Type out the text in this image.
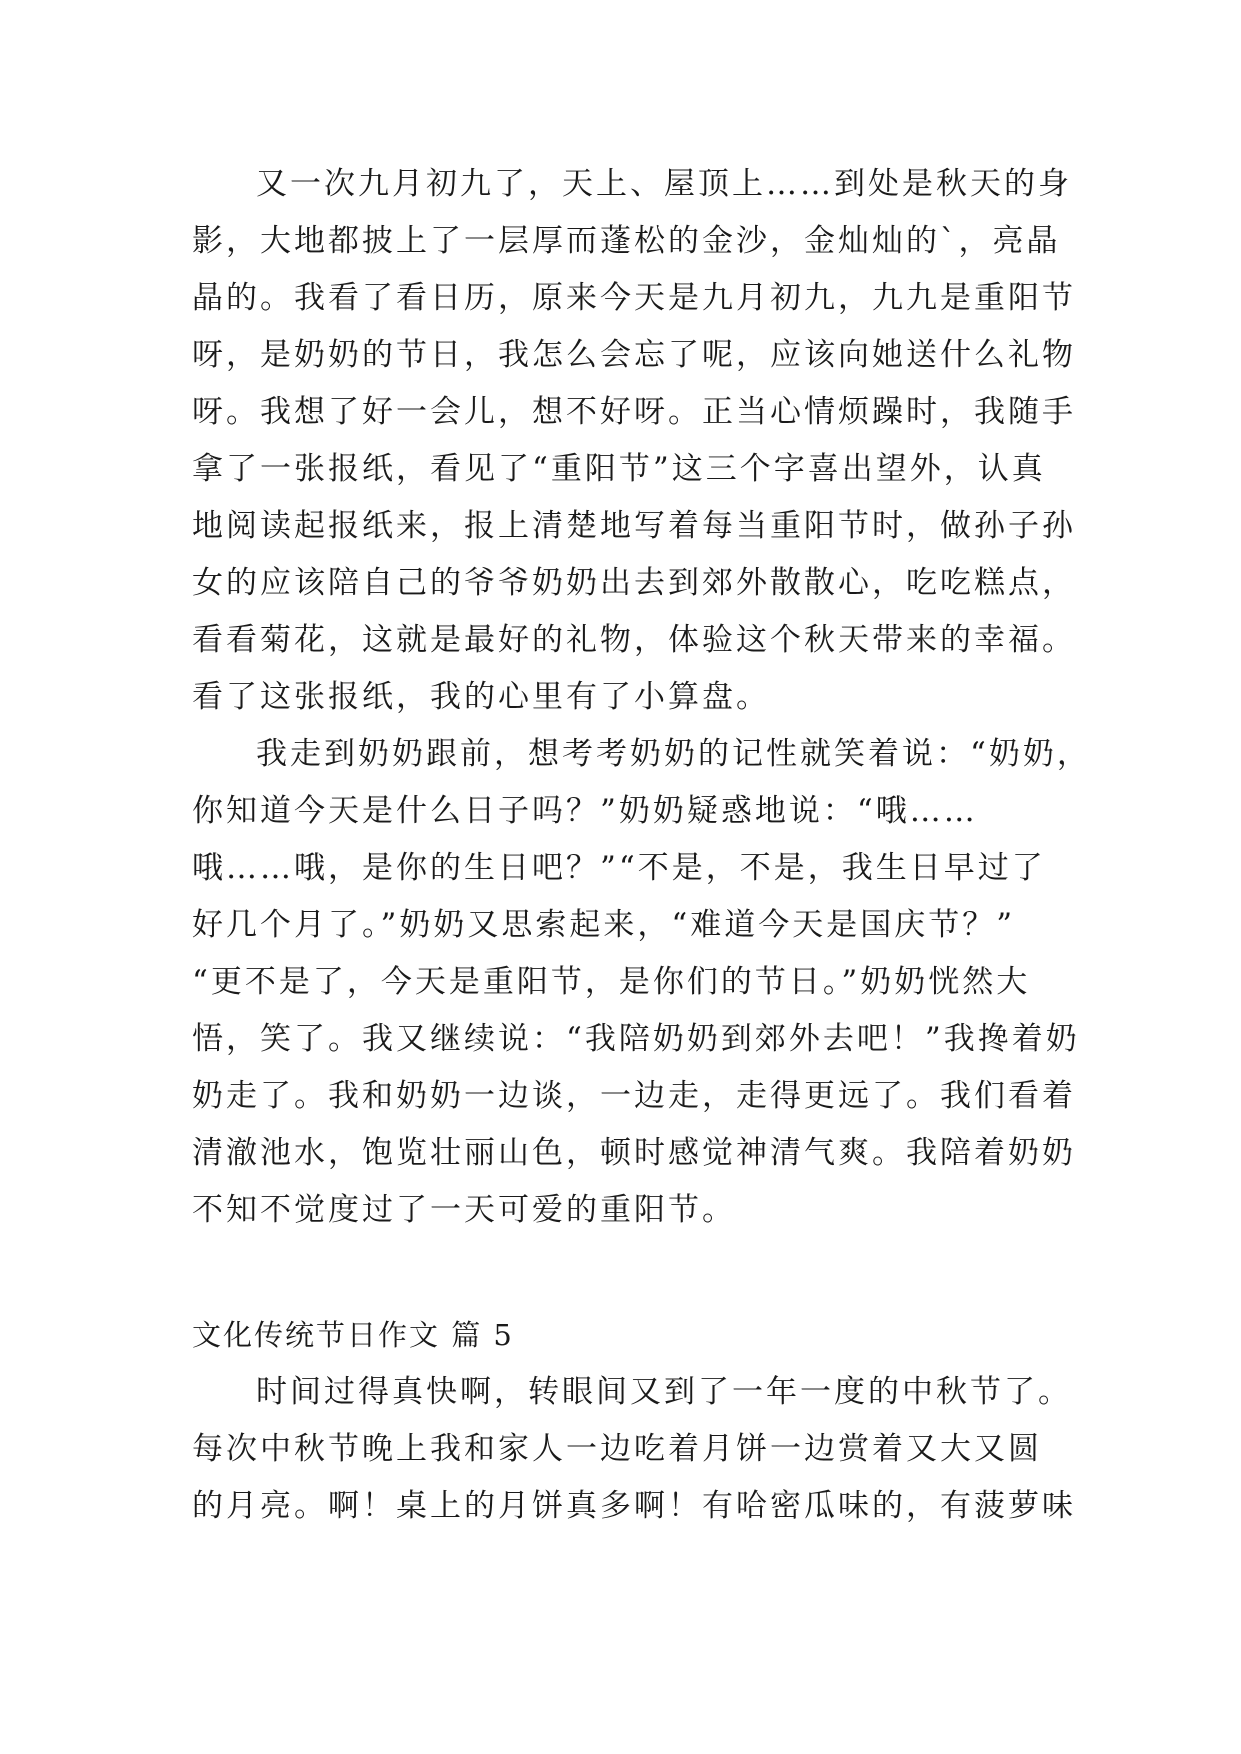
又一次九月初九了，天上、屋顶上……到处是秋天的身
影，大地都披上了一层厚而蓬松的金沙，金灿灿的`，亮晶
晶的。我看了看日历，原来今天是九月初九，九九是重阳节
呀，是奶奶的节日，我怎么会忘了呢，应该向她送什么礼物
呀。我想了好一会儿，想不好呀。正当心情烦躁时，我随手
拿了一张报纸，看见了“重阳节”这三个字喜出望外，认真
地阅读起报纸来，报上清楚地写着每当重阳节时，做孙子孙
女的应该陪自己的爷爷奶奶出去到郊外散散心，吃吃糕点，
看看菊花，这就是最好的礼物，体验这个秋天带来的幸福。
看了这张报纸，我的心里有了小算盘。
我走到奶奶跟前，想考考奶奶的记性就笑着说：“奶奶，
你知道今天是什么日子吗？”奶奶疑惑地说：“哦……
哦……哦，是你的生日吧？”“不是，不是，我生日早过了
好几个月了。”奶奶又思索起来，“难道今天是国庆节？”
“更不是了，今天是重阳节，是你们的节日。”奶奶恍然大
悟，笑了。我又继续说：“我陪奶奶到郊外去吧！”我搀着奶
奶走了。我和奶奶一边谈，一边走，走得更远了。我们看着
清澈池水，饱览壮丽山色，顿时感觉神清气爽。我陪着奶奶
不知不觉度过了一天可爱的重阳节。
文化传统节日作文 篇 5
时间过得真快啊，转眼间又到了一年一度的中秋节了。
每次中秋节晚上我和家人一边吃着月饼一边赏着又大又圆
的月亮。啊！桌上的月饼真多啊！有哈密瓜味的，有菠萝味
